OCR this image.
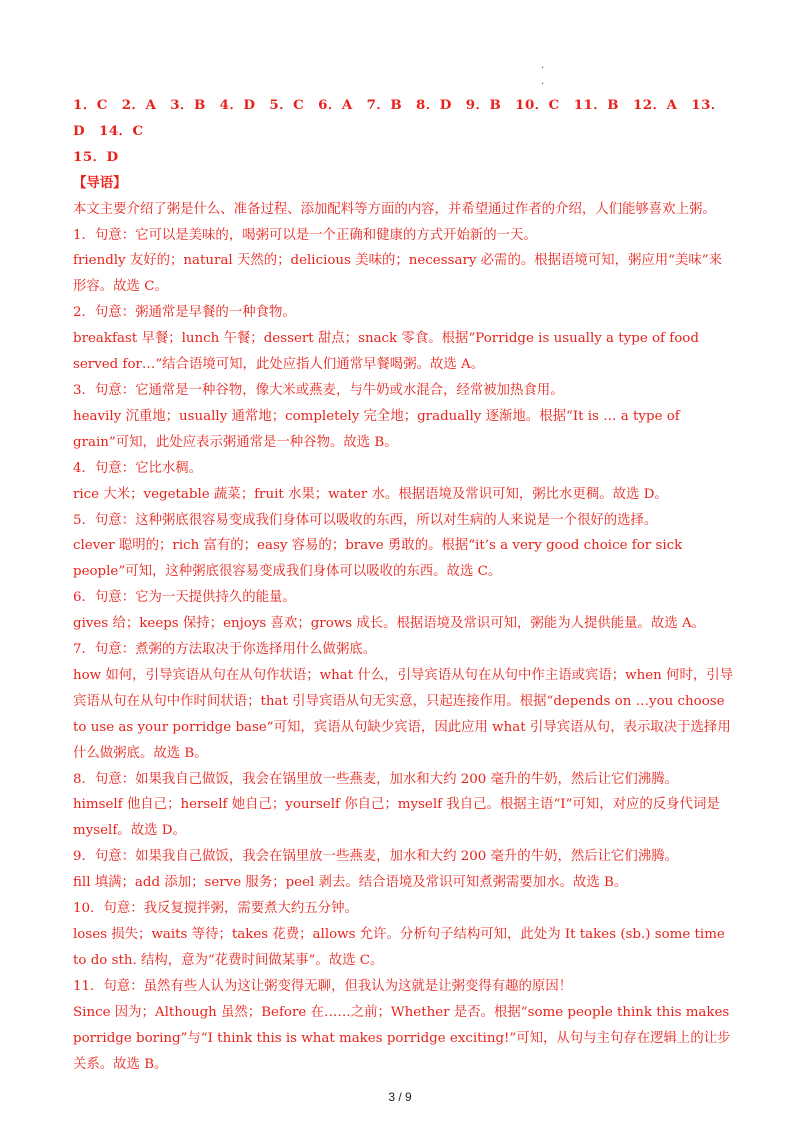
·
·

1．C　2．A　3．B　4．D　5．C　6．A　7．B　8．D　9．B　10．C　11．B　12．A　13．D　14．C

15．D

【导语】

本文主要介绍了粥是什么、准备过程、添加配料等方面的内容，并希望通过作者的介绍，人们能够喜欢上粥。

1．句意：它可以是美味的，喝粥可以是一个正确和健康的方式开始新的一天。

friendly 友好的；natural 天然的；delicious 美味的；necessary 必需的。根据语境可知，粥应用“美味”来形容。故选 C。

2．句意：粥通常是早餐的一种食物。

breakfast 早餐；lunch 午餐；dessert 甜点；snack 零食。根据“Porridge is usually a type of food served for…”结合语境可知，此处应指人们通常早餐喝粥。故选 A。

3．句意：它通常是一种谷物，像大米或燕麦，与牛奶或水混合，经常被加热食用。

heavily 沉重地；usually 通常地；completely 完全地；gradually 逐渐地。根据“It is … a type of grain”可知，此处应表示粥通常是一种谷物。故选 B。

4．句意：它比水稠。

rice 大米；vegetable 蔬菜；fruit 水果；water 水。根据语境及常识可知，粥比水更稠。故选 D。

5．句意：这种粥底很容易变成我们身体可以吸收的东西，所以对生病的人来说是一个很好的选择。

clever 聪明的；rich 富有的；easy 容易的；brave 勇敢的。根据“it’s a very good choice for sick people”可知，这种粥底很容易变成我们身体可以吸收的东西。故选 C。

6．句意：它为一天提供持久的能量。

gives 给；keeps 保持；enjoys 喜欢；grows 成长。根据语境及常识可知，粥能为人提供能量。故选 A。

7．句意：煮粥的方法取决于你选择用什么做粥底。

how 如何，引导宾语从句在从句作状语；what 什么，引导宾语从句在从句中作主语或宾语；when 何时，引导宾语从句在从句中作时间状语；that 引导宾语从句无实意，只起连接作用。根据“depends on …you choose to use as your porridge base”可知，宾语从句缺少宾语，因此应用 what 引导宾语从句，表示取决于选择用什么做粥底。故选 B。

8．句意：如果我自己做饭，我会在锅里放一些燕麦，加水和大约 200 毫升的牛奶，然后让它们沸腾。

himself 他自己；herself 她自己；yourself 你自己；myself 我自己。根据主语“I”可知，对应的反身代词是 myself。故选 D。

9．句意：如果我自己做饭，我会在锅里放一些燕麦，加水和大约 200 毫升的牛奶，然后让它们沸腾。

fill 填满；add 添加；serve 服务；peel 剥去。结合语境及常识可知煮粥需要加水。故选 B。

10．句意：我反复搅拌粥，需要煮大约五分钟。

loses 损失；waits 等待；takes 花费；allows 允许。分析句子结构可知，此处为 It takes (sb.) some time to do sth. 结构，意为“花费时间做某事”。故选 C。

11．句意：虽然有些人认为这让粥变得无聊，但我认为这就是让粥变得有趣的原因！

Since 因为；Although 虽然；Before 在……之前；Whether 是否。根据“some people think this makes porridge boring”与“I think this is what makes porridge exciting!”可知，从句与主句存在逻辑上的让步关系。故选 B。

3 / 9
